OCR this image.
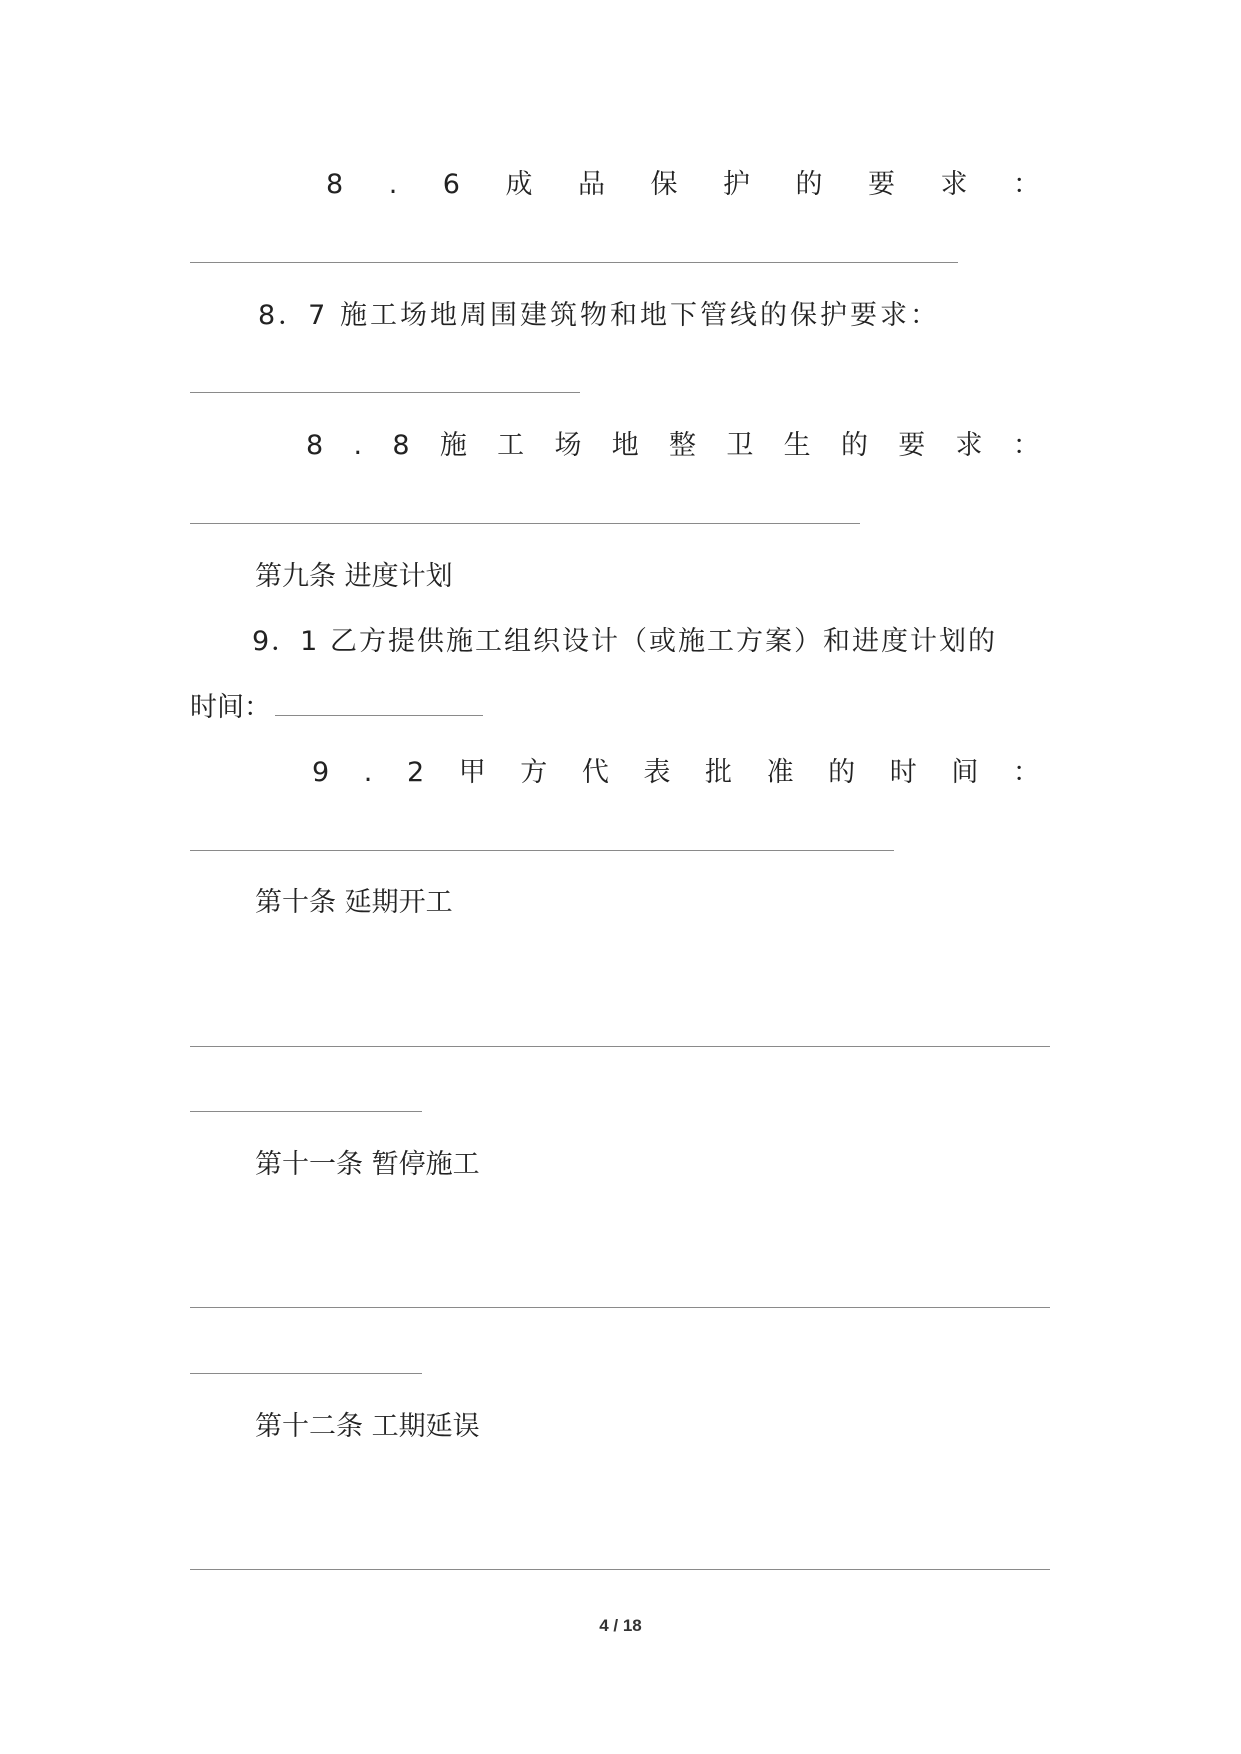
8 . 6 成 品 保 护 的 要 求 ：
8．7 施工场地周围建筑物和地下管线的保护要求：
8 . 8 施 工 场 地 整 卫 生 的 要 求 ：
第九条 进度计划
9．1 乙方提供施工组织设计（或施工方案）和进度计划的
时间：
9 . 2 甲 方 代 表 批 准 的 时 间 ：
第十条 延期开工
第十一条 暂停施工
第十二条 工期延误
4 / 18
